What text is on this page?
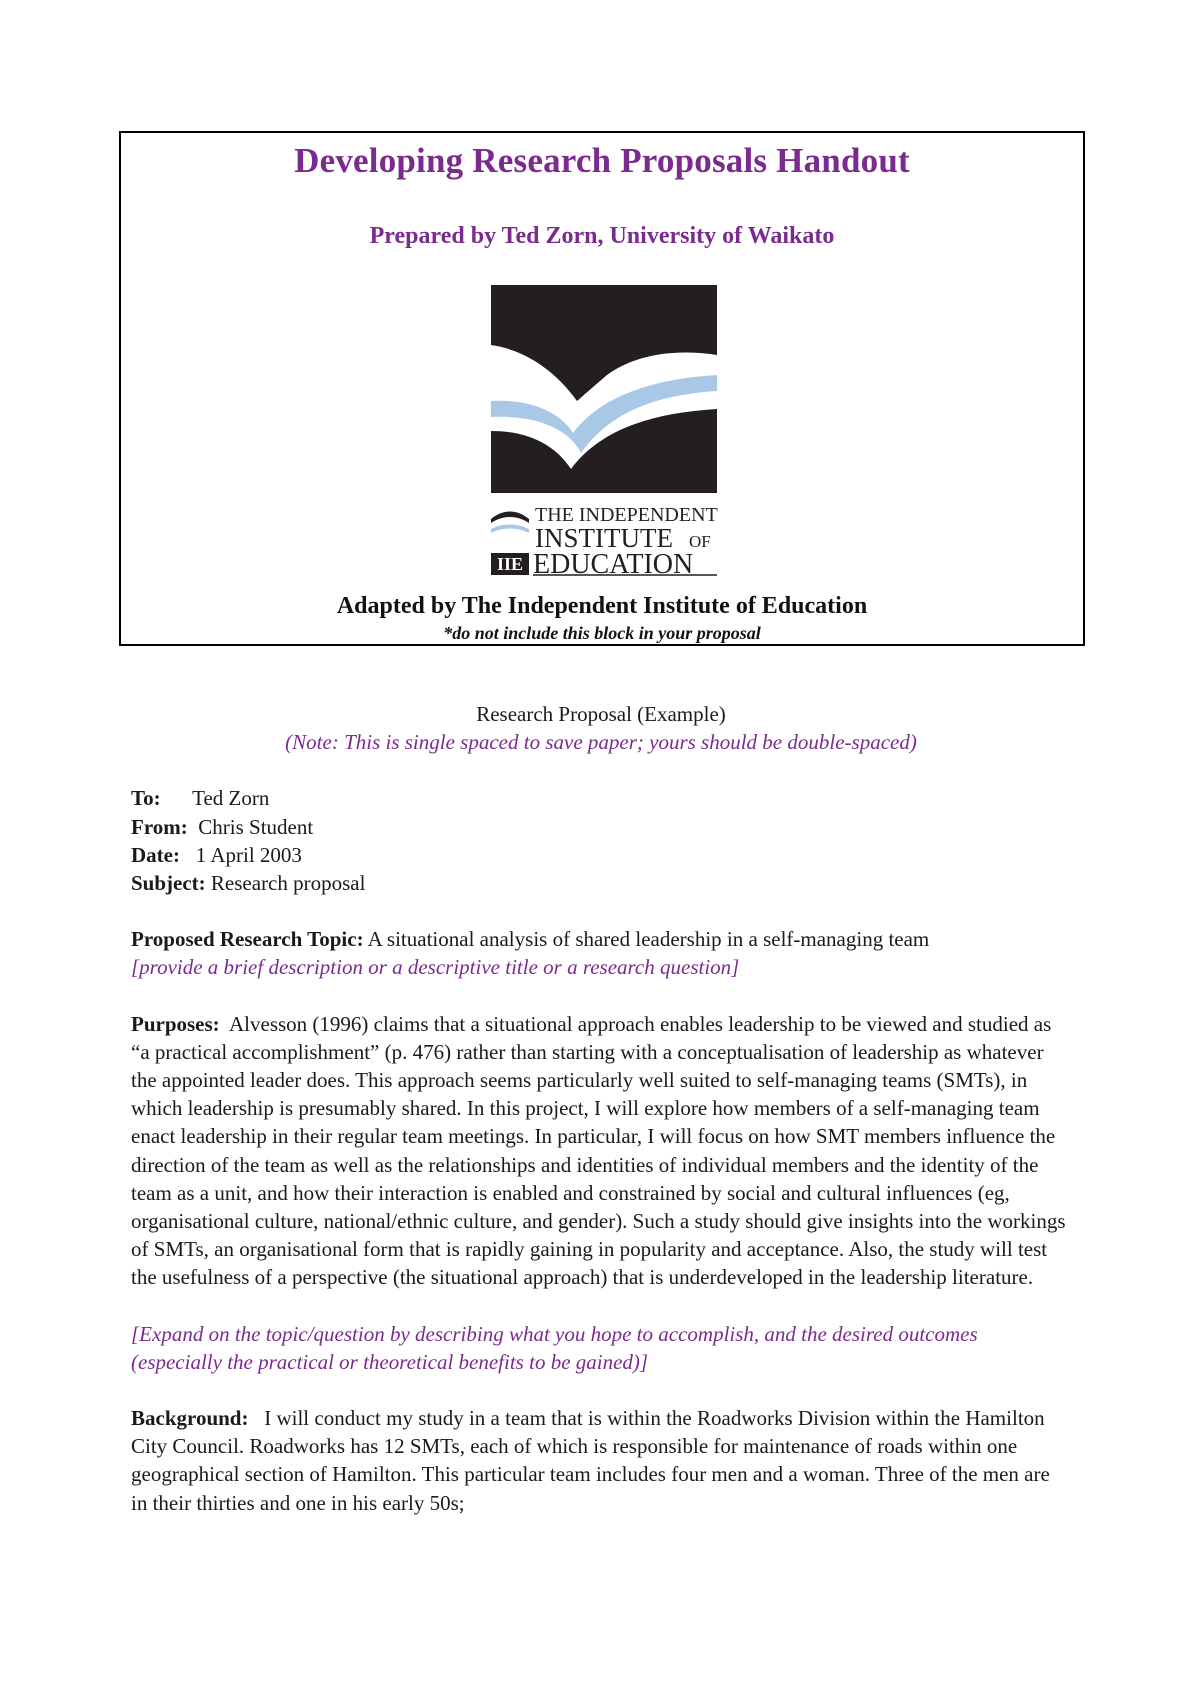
Developing Research Proposals Handout
Prepared by Ted Zorn, University of Waikato
IIE
THE INDEPENDENT
INSTITUTE OF
EDUCATION
Adapted by The Independent Institute of Education
*do not include this block in your proposal

Research Proposal (Example)

(Note: This is single spaced to save paper; yours should be double-spaced)

To: Ted Zorn
From: Chris Student
Date: 1 April 2003
Subject: Research proposal

Proposed Research Topic: A situational analysis of shared leadership in a self-managing team

[provide a brief description or a descriptive title or a research question]

Purposes: Alvesson (1996) claims that a situational approach enables leadership to be viewed and studied as “a practical accomplishment” (p. 476) rather than starting with a conceptualisation of leadership as whatever the appointed leader does. This approach seems particularly well suited to self-managing teams (SMTs), in which leadership is presumably shared. In this project, I will explore how members of a self-managing team enact leadership in their regular team meetings. In particular, I will focus on how SMT members influence the direction of the team as well as the relationships and identities of individual members and the identity of the team as a unit, and how their interaction is enabled and constrained by social and cultural influences (eg, organisational culture, national/ethnic culture, and gender). Such a study should give insights into the workings of SMTs, an organisational form that is rapidly gaining in popularity and acceptance. Also, the study will test the usefulness of a perspective (the situational approach) that is underdeveloped in the leadership literature.

[Expand on the topic/question by describing what you hope to accomplish, and the desired outcomes (especially the practical or theoretical benefits to be gained)]

Background: I will conduct my study in a team that is within the Roadworks Division within the Hamilton City Council. Roadworks has 12 SMTs, each of which is responsible for maintenance of roads within one geographical section of Hamilton. This particular team includes four men and a woman. Three of the men are in their thirties and one in his early 50s;
